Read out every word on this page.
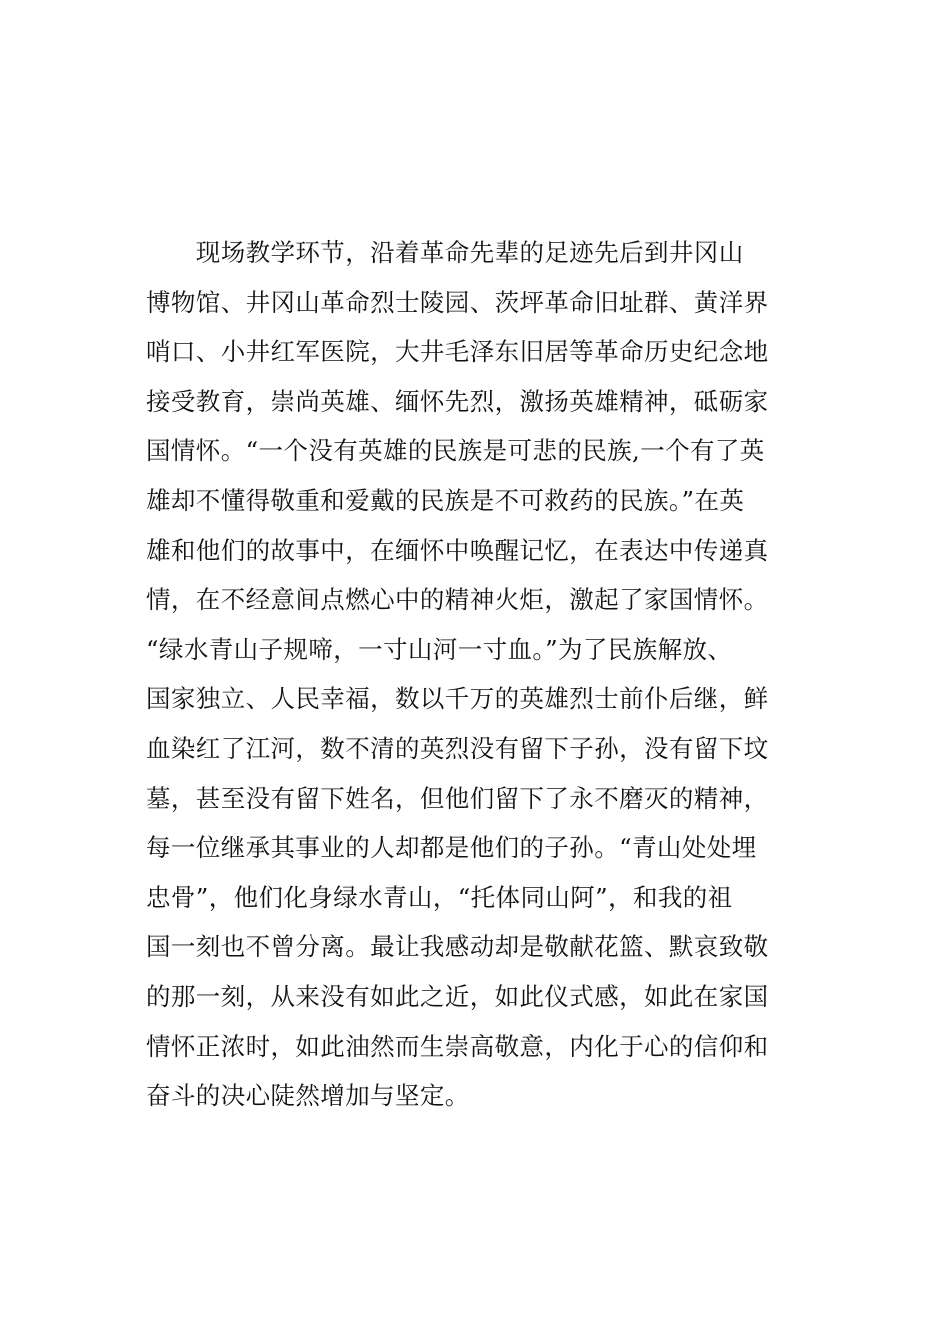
　　现场教学环节，沿着革命先辈的足迹先后到井冈山
博物馆、井冈山革命烈士陵园、茨坪革命旧址群、黄洋界
哨口、小井红军医院，大井毛泽东旧居等革命历史纪念地
接受教育，崇尚英雄、缅怀先烈，激扬英雄精神，砥砺家
国情怀。“一个没有英雄的民族是可悲的民族,一个有了英
雄却不懂得敬重和爱戴的民族是不可救药的民族。”在英
雄和他们的故事中，在缅怀中唤醒记忆，在表达中传递真
情，在不经意间点燃心中的精神火炬，激起了家国情怀。
“绿水青山子规啼，一寸山河一寸血。”为了民族解放、
国家独立、人民幸福，数以千万的英雄烈士前仆后继，鲜
血染红了江河，数不清的英烈没有留下子孙，没有留下坟
墓，甚至没有留下姓名，但他们留下了永不磨灭的精神，
每一位继承其事业的人却都是他们的子孙。“青山处处埋
忠骨”，他们化身绿水青山，“托体同山阿”，和我的祖
国一刻也不曾分离。最让我感动却是敬献花篮、默哀致敬
的那一刻，从来没有如此之近，如此仪式感，如此在家国
情怀正浓时，如此油然而生崇高敬意，内化于心的信仰和
奋斗的决心陡然增加与坚定。
